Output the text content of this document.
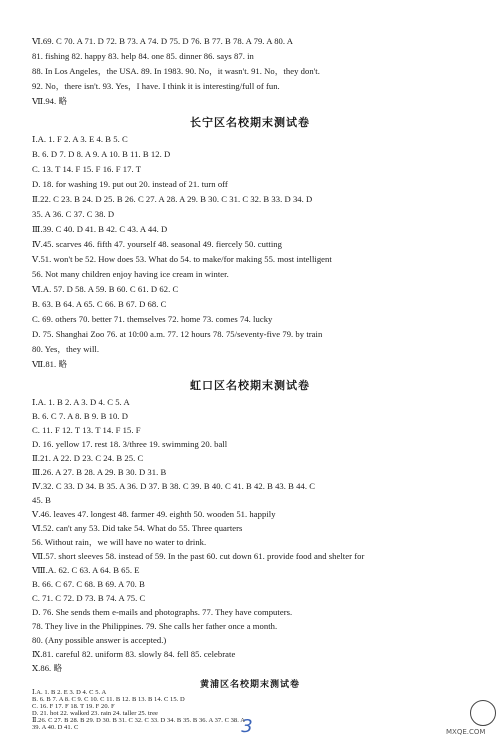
Ⅵ.69. C 70. A 71. D 72. B 73. A 74. D 75. D 76. B 77. B 78. A 79. A 80. A
81. fishing 82. happy 83. help 84. one 85. dinner 86. says 87. in
88. In Los Angeles，the USA. 89. In 1983. 90. No，it wasn't. 91. No，they don't.
92. No，there isn't. 93. Yes，I have. I think it is interesting/full of fun.
Ⅶ.94. 略
长宁区名校期末测试卷
Ⅰ.A. 1. F 2. A 3. E 4. B 5. C
B. 6. D 7. D 8. A 9. A 10. B 11. B 12. D
C. 13. T 14. F 15. F 16. F 17. T
D. 18. for washing 19. put out 20. instead of 21. turn off
Ⅱ.22. C 23. B 24. D 25. B 26. C 27. A 28. A 29. B 30. C 31. C 32. B 33. D 34. D
35. A 36. C 37. C 38. D
Ⅲ.39. C 40. D 41. B 42. C 43. A 44. D
Ⅳ.45. scarves 46. fifth 47. yourself 48. seasonal 49. fiercely 50. cutting
Ⅴ.51. won't be 52. How does 53. What do 54. to make/for making 55. most intelligent
56. Not many children enjoy having ice cream in winter.
Ⅵ.A. 57. D 58. A 59. B 60. C 61. D 62. C
B. 63. B 64. A 65. C 66. B 67. D 68. C
C. 69. others 70. better 71. themselves 72. home 73. comes 74. lucky
D. 75. Shanghai Zoo 76. at 10:00 a.m. 77. 12 hours 78. 75/seventy-five 79. by train
80. Yes，they will.
Ⅶ.81. 略
虹口区名校期末测试卷
Ⅰ.A. 1. B 2. A 3. D 4. C 5. A
B. 6. C 7. A 8. B 9. B 10. D
C. 11. F 12. T 13. T 14. F 15. F
D. 16. yellow 17. rest 18. 3/three 19. swimming 20. ball
Ⅱ.21. A 22. D 23. C 24. B 25. C
Ⅲ.26. A 27. B 28. A 29. B 30. D 31. B
Ⅳ.32. C 33. D 34. B 35. A 36. D 37. B 38. C 39. B 40. C 41. B 42. B 43. B 44. C
45. B
Ⅴ.46. leaves 47. longest 48. farmer 49. eighth 50. wooden 51. happily
Ⅵ.52. can't any 53. Did take 54. What do 55. Three quarters
56. Without rain，we will have no water to drink.
Ⅶ.57. short sleeves 58. instead of 59. In the past 60. cut down 61. provide food and shelter for
Ⅷ.A. 62. C 63. A 64. B 65. E
B. 66. C 67. C 68. B 69. A 70. B
C. 71. C 72. D 73. B 74. A 75. C
D. 76. She sends them e-mails and photographs. 77. They have computers.
78. They live in the Philippines. 79. She calls her father once a month.
80. (Any possible answer is accepted.)
Ⅸ.81. careful 82. uniform 83. slowly 84. fell 85. celebrate
Ⅹ.86. 略
黄浦区名校期末测试卷
Ⅰ.A. 1. B 2. E 3. D 4. C 5. A
B. 6. B 7. A 8. C 9. C 10. C 11. B 12. B 13. B 14. C 15. D
C. 16. F 17. F 18. T 19. F 20. F
D. 21. hot 22. walked 23. rain 24. taller 25. tree
Ⅱ.26. C 27. B 28. B 29. D 30. B 31. C 32. C 33. D 34. B 35. B 36. A 37. C 38. A
39. A 40. D 41. C	3	MXQE.COM
